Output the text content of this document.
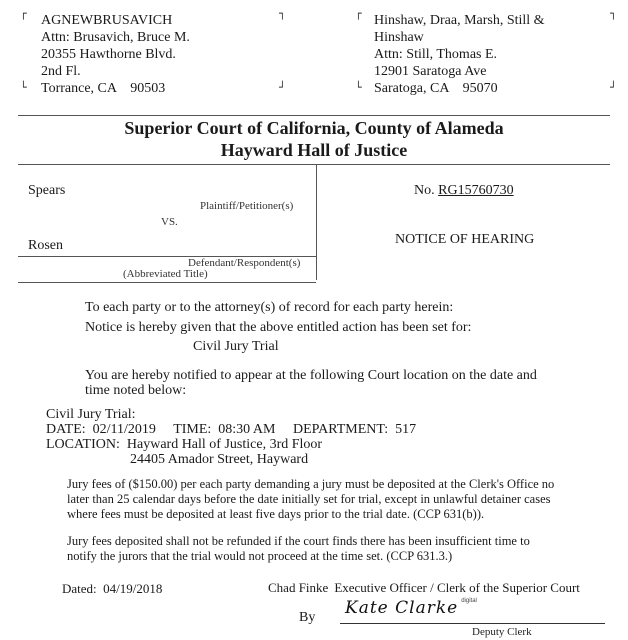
┌	┐
└	┘
AGNEWBRUSAVICH
Attn: Brusavich, Bruce M.
20355 Hawthorne Blvd.
2nd Fl.
Torrance, CA    90503
┌	┐
└	┘
Hinshaw, Draa, Marsh, Still &
Hinshaw
Attn: Still, Thomas E.
12901 Saratoga Ave
Saratoga, CA    95070
Superior Court of California, County of Alameda
Hayward Hall of Justice
Spears
Plaintiff/Petitioner(s)
VS.
Rosen
Defendant/Respondent(s)
(Abbreviated Title)
No. RG15760730
NOTICE OF HEARING
To each party or to the attorney(s) of record for each party herein:
Notice is hereby given that the above entitled action has been set for:
Civil Jury Trial
You are hereby notified to appear at the following Court location on the date and
time noted below:
Civil Jury Trial:
DATE: 02/11/2019 TIME: 08:30 AM DEPARTMENT: 517
LOCATION: Hayward Hall of Justice, 3rd Floor
24405 Amador Street, Hayward
Jury fees of ($150.00) per each party demanding a jury must be deposited at the Clerk's Office no
later than 25 calendar days before the date initially set for trial, except in unlawful detainer cases
where fees must be deposited at least five days prior to the trial date. (CCP 631(b)).
Jury fees deposited shall not be refunded if the court finds there has been insufficient time to
notify the jurors that the trial would not proceed at the time set. (CCP 631.3.)
Dated: 04/19/2018	Chad Finke Executive Officer / Clerk of the Superior Court
By Kate Clarke digital
Deputy Clerk
